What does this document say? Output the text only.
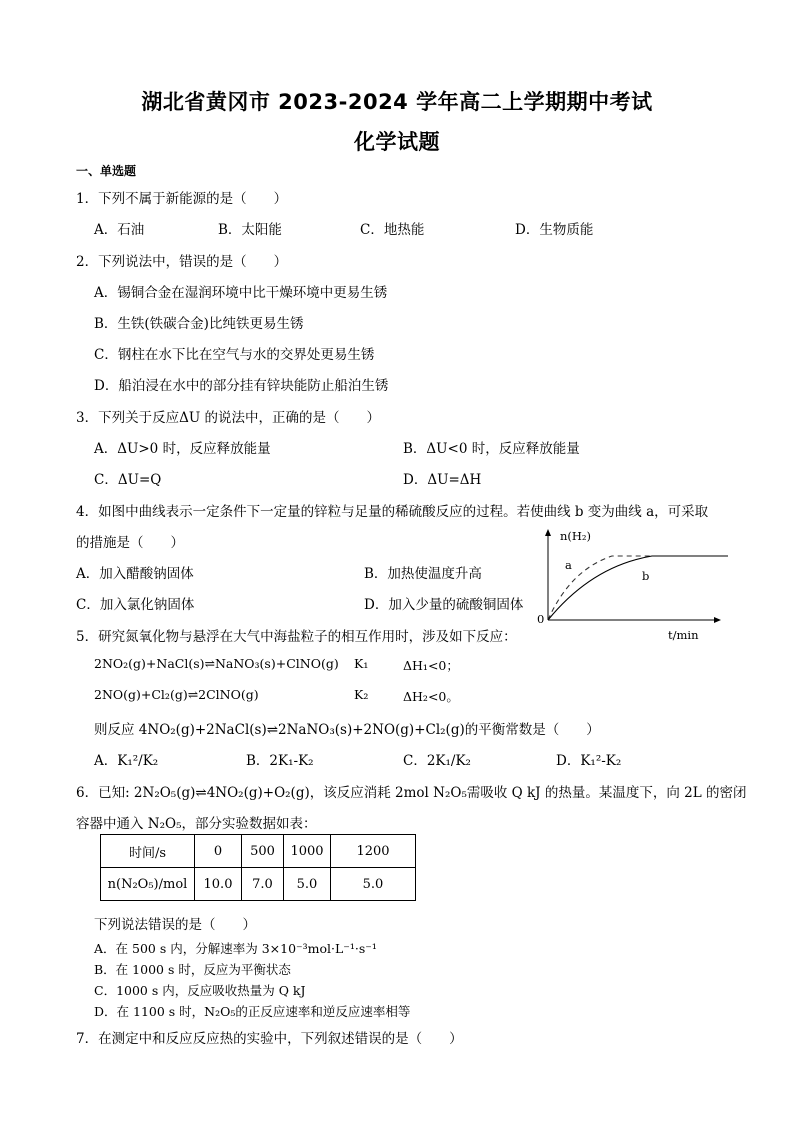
湖北省黄冈市 2023-2024 学年高二上学期期中考试
化学试题
一、单选题
1．下列不属于新能源的是（　　）
A．石油	B．太阳能	C．地热能	D．生物质能
2．下列说法中，错误的是（　　）
A．锡铜合金在湿润环境中比干燥环境中更易生锈
B．生铁(铁碳合金)比纯铁更易生锈
C．钢柱在水下比在空气与水的交界处更易生锈
D．船泊浸在水中的部分挂有锌块能防止船泊生锈
3．下列关于反应ΔU 的说法中，正确的是（　　）
A．ΔU>0 时，反应释放能量	B．ΔU<0 时，反应释放能量
C．ΔU=Q	D．ΔU=ΔH
4．如图中曲线表示一定条件下一定量的锌粒与足量的稀硫酸反应的过程。若使曲线 b 变为曲线 a，可采取
的措施是（　　）
A．加入醋酸钠固体	B．加热使温度升高
C．加入氯化钠固体	D．加入少量的硫酸铜固体
n(H₂)
t/min
0
a
b
5．研究氮氧化物与悬浮在大气中海盐粒子的相互作用时，涉及如下反应：
2NO₂(g)+NaCl(s)⇌NaNO₃(s)+ClNO(g) K₁	ΔH₁<0；
2NO(g)+Cl₂(g)⇌2ClNO(g)	K₂	ΔH₂<0。
则反应 4NO₂(g)+2NaCl(s)⇌2NaNO₃(s)+2NO(g)+Cl₂(g)的平衡常数是（　　）
A．K₁²/K₂	B．2K₁-K₂	C．2K₁/K₂	D．K₁²-K₂
6．已知: 2N₂O₅(g)⇌4NO₂(g)+O₂(g)，该反应消耗 2mol N₂O₅需吸收 Q kJ 的热量。某温度下，向 2L 的密闭
容器中通入 N₂O₅，部分实验数据如表：
时间/s	0	500	1000	1200
n(N₂O₅)/mol	10.0	7.0	5.0	5.0
下列说法错误的是（　　）
A．在 500 s 内，分解速率为 3×10⁻³mol·L⁻¹·s⁻¹
B．在 1000 s 时，反应为平衡状态
C．1000 s 内，反应吸收热量为 Q kJ
D．在 1100 s 时，N₂O₅的正反应速率和逆反应速率相等
7．在测定中和反应反应热的实验中，下列叙述错误的是（　　）
